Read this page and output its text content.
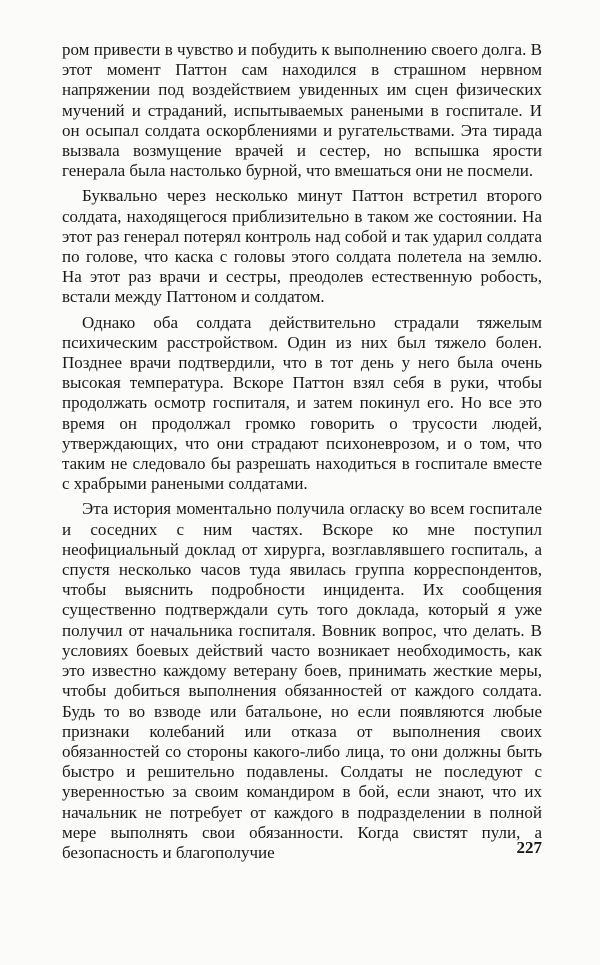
ром привести в чувство и побудить к выполнению своего долга. В этот момент Паттон сам находился в страшном нервном напряжении под воздействием увиденных им сцен физических мучений и страданий, испытываемых ранеными в госпитале. И он осыпал солдата оскорблениями и ругательствами. Эта тирада вызвала возмущение врачей и сестер, но вспышка ярости генерала была настолько бурной, что вмешаться они не посмели.

Буквально через несколько минут Паттон встретил второго солдата, находящегося приблизительно в таком же состоянии. На этот раз генерал потерял контроль над собой и так ударил солдата по голове, что каска с головы этого солдата полетела на землю. На этот раз врачи и сестры, преодолев естественную робость, встали между Паттоном и солдатом.

Однако оба солдата действительно страдали тяжелым психическим расстройством. Один из них был тяжело болен. Позднее врачи подтвердили, что в тот день у него была очень высокая температура. Вскоре Паттон взял себя в руки, чтобы продолжать осмотр госпиталя, и затем покинул его. Но все это время он продолжал громко говорить о трусости людей, утверждающих, что они страдают психоневрозом, и о том, что таким не следовало бы разрешать находиться в госпитале вместе с храбрыми ранеными солдатами.

Эта история моментально получила огласку во всем госпитале и соседних с ним частях. Вскоре ко мне поступил неофициальный доклад от хирурга, возглавлявшего госпиталь, а спустя несколько часов туда явилась группа корреспондентов, чтобы выяснить подробности инцидента. Их сообщения существенно подтверждали суть того доклада, который я уже получил от начальника госпиталя. Вовник вопрос, что делать. В условиях боевых действий часто возникает необходимость, как это известно каждому ветерану боев, принимать жесткие меры, чтобы добиться выполнения обязанностей от каждого солдата. Будь то во взводе или батальоне, но если появляются любые признаки колебаний или отказа от выполнения своих обязанностей со стороны какого-либо лица, то они должны быть быстро и решительно подавлены. Солдаты не последуют с уверенностью за своим командиром в бой, если знают, что их начальник не потребует от каждого в подразделении в полной мере выполнять свои обязанности. Когда свистят пули, а безопасность и благополучие	227
